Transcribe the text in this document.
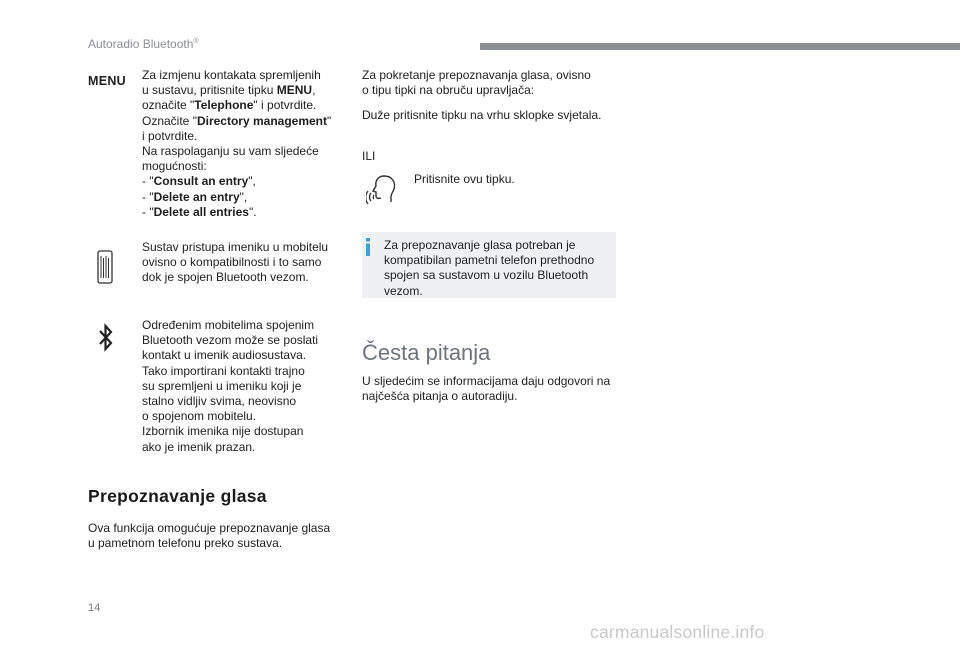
Autoradio Bluetooth®
MENU Za izmjenu kontakata spremljenih
u sustavu, pritisnite tipku MENU,
označite "Telephone" i potvrdite.
Označite "Directory management"
i potvrdite.
Na raspolaganju su vam sljedeće
mogućnosti:
- "Consult an entry",
- "Delete an entry",
- "Delete all entries".
Sustav pristupa imeniku u mobitelu
ovisno o kompatibilnosti i to samo
dok je spojen Bluetooth vezom.
Određenim mobitelima spojenim
Bluetooth vezom može se poslati
kontakt u imenik audiosustava.
Tako importirani kontakti trajno
su spremljeni u imeniku koji je
stalno vidljiv svima, neovisno
o spojenom mobitelu.
Izbornik imenika nije dostupan
ako je imenik prazan.
Prepoznavanje glasa
Ova funkcija omogućuje prepoznavanje glasa
u pametnom telefonu preko sustava.
Za pokretanje prepoznavanja glasa, ovisno
o tipu tipki na obruču upravljača:
Duže pritisnite tipku na vrhu sklopke svjetala.
ILI
Pritisnite ovu tipku.
Za prepoznavanje glasa potreban je
kompatibilan pametni telefon prethodno
spojen sa sustavom u vozilu Bluetooth
vezom.
Česta pitanja
U sljedećim se informacijama daju odgovori na
najčešća pitanja o autoradiju.
14
carmanualsonline.info
